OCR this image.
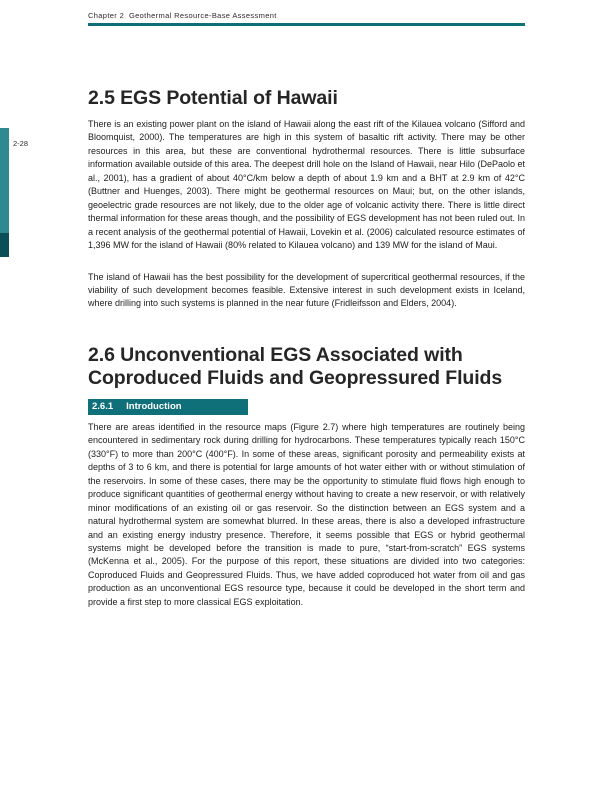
Chapter 2  Geothermal Resource-Base Assessment
2-28
2.5 EGS Potential of Hawaii

There is an existing power plant on the island of Hawaii along the east rift of the Kilauea volcano (Sifford and Bloomquist, 2000). The temperatures are high in this system of basaltic rift activity. There may be other resources in this area, but these are conventional hydrothermal resources. There is little subsurface information available outside of this area. The deepest drill hole on the Island of Hawaii, near Hilo (DePaolo et al., 2001), has a gradient of about 40°C/km below a depth of about 1.9 km and a BHT at 2.9 km of 42°C (Buttner and Huenges, 2003). There might be geothermal resources on Maui; but, on the other islands, geoelectric grade resources are not likely, due to the older age of volcanic activity there. There is little direct thermal information for these areas though, and the possibility of EGS development has not been ruled out. In a recent analysis of the geothermal potential of Hawaii, Lovekin et al. (2006) calculated resource estimates of 1,396 MW for the island of Hawaii (80% related to Kilauea volcano) and 139 MW for the island of Maui.

The island of Hawaii has the best possibility for the development of supercritical geothermal resources, if the viability of such development becomes feasible. Extensive interest in such development exists in Iceland, where drilling into such systems is planned in the near future (Fridleifsson and Elders, 2004).

2.6 Unconventional EGS Associated with
Coproduced Fluids and Geopressured Fluids
2.6.1 Introduction

There are areas identified in the resource maps (Figure 2.7) where high temperatures are routinely being encountered in sedimentary rock during drilling for hydrocarbons. These temperatures typically reach 150°C (330°F) to more than 200°C (400°F). In some of these areas, significant porosity and permeability exists at depths of 3 to 6 km, and there is potential for large amounts of hot water either with or without stimulation of the reservoirs. In some of these cases, there may be the opportunity to stimulate fluid flows high enough to produce significant quantities of geothermal energy without having to create a new reservoir, or with relatively minor modifications of an existing oil or gas reservoir. So the distinction between an EGS system and a natural hydrothermal system are somewhat blurred. In these areas, there is also a developed infrastructure and an existing energy industry presence. Therefore, it seems possible that EGS or hybrid geothermal systems might be developed before the transition is made to pure, “start-from-scratch” EGS systems (McKenna et al., 2005). For the purpose of this report, these situations are divided into two categories: Coproduced Fluids and Geopressured Fluids. Thus, we have added coproduced hot water from oil and gas production as an unconventional EGS resource type, because it could be developed in the short term and provide a first step to more classical EGS exploitation.
